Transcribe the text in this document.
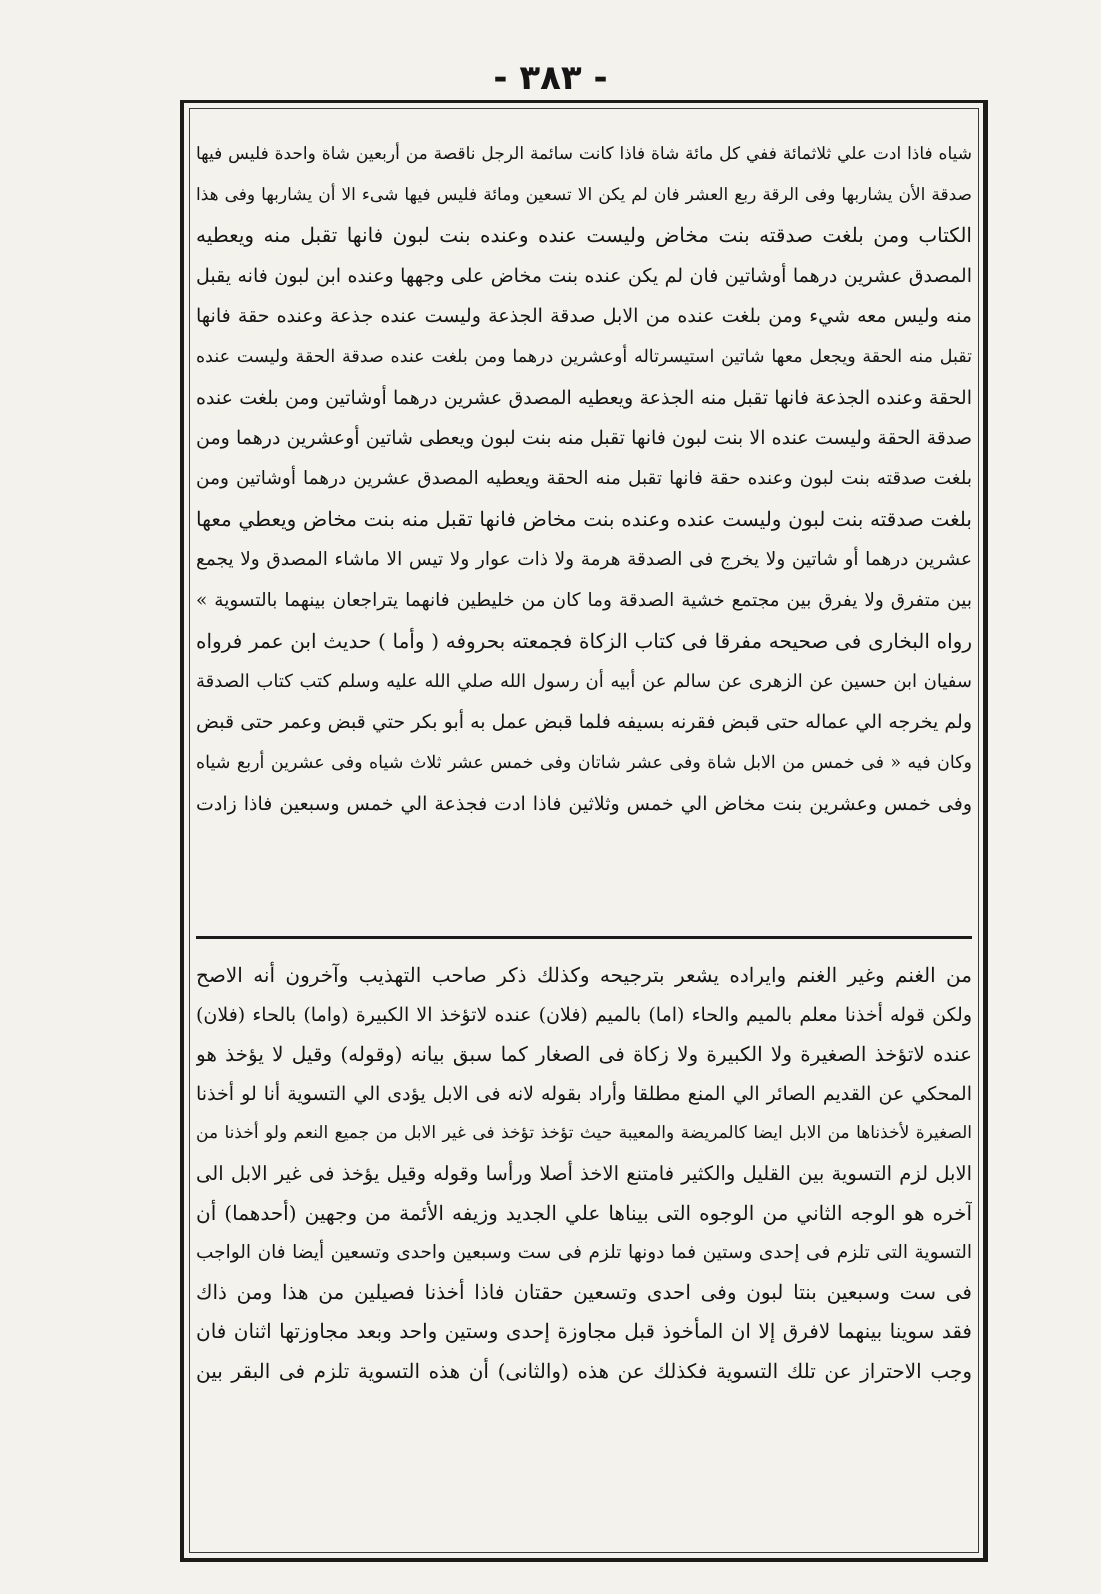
- ٣٨٣ -
شياه فاذا ادت علي ثلاثمائة ففي كل مائة شاة فاذا كانت سائمة الرجل ناقصة من أربعين شاة واحدة فليس فيها
صدقة الأن يشاربها وفى الرقة ربع العشر فان لم يكن الا تسعين ومائة فليس فيها شىء الا أن يشاربها وفى هذا
الكتاب ومن بلغت صدقته بنت مخاض وليست عنده وعنده بنت لبون فانها تقبل منه ويعطيه
المصدق عشرين درهما أوشاتين فان لم يكن عنده بنت مخاض على وجهها وعنده ابن لبون فانه يقبل
منه وليس معه شيء ومن بلغت عنده من الابل صدقة الجذعة وليست عنده جذعة وعنده حقة فانها
تقبل منه الحقة ويجعل معها شاتين استيسرتاله أوعشرين درهما ومن بلغت عنده صدقة الحقة وليست عنده
الحقة وعنده الجذعة فانها تقبل منه الجذعة ويعطيه المصدق عشرين درهما أوشاتين ومن بلغت عنده
صدقة الحقة وليست عنده الا بنت لبون فانها تقبل منه بنت لبون ويعطى شاتين أوعشرين درهما ومن
بلغت صدقته بنت لبون وعنده حقة فانها تقبل منه الحقة ويعطيه المصدق عشرين درهما أوشاتين ومن
بلغت صدقته بنت لبون وليست عنده وعنده بنت مخاض فانها تقبل منه بنت مخاض ويعطي معها
عشرين درهما أو شاتين ولا يخرج فى الصدقة هرمة ولا ذات عوار ولا تيس الا ماشاء المصدق ولا يجمع
بين متفرق ولا يفرق بين مجتمع خشية الصدقة وما كان من خليطين فانهما يتراجعان بينهما بالتسوية »
رواه البخارى فى صحيحه مفرقا فى كتاب الزكاة فجمعته بحروفه ( وأما ) حديث ابن عمر فرواه
سفيان ابن حسين عن الزهرى عن سالم عن أبيه أن رسول الله صلي الله عليه وسلم كتب كتاب الصدقة
ولم يخرجه الي عماله حتى قبض فقرنه بسيفه فلما قبض عمل به أبو بكر حتي قبض وعمر حتى قبض
وكان فيه « فى خمس من الابل شاة وفى عشر شاتان وفى خمس عشر ثلاث شياه وفى عشرين أربع شياه
وفى خمس وعشرين بنت مخاض الي خمس وثلاثين فاذا ادت فجذعة الي خمس وسبعين فاذا زادت
من الغنم وغير الغنم وايراده يشعر بترجيحه وكذلك ذكر صاحب التهذيب وآخرون أنه الاصح
ولكن قوله أخذنا معلم بالميم والحاء (اما) بالميم (فلان) عنده لاتؤخذ الا الكبيرة (واما) بالحاء (فلان)
عنده لاتؤخذ الصغيرة ولا الكبيرة ولا زكاة فى الصغار كما سبق بيانه (وقوله) وقيل لا يؤخذ هو
المحكي عن القديم الصائر الي المنع مطلقا وأراد بقوله لانه فى الابل يؤدى الي التسوية أنا لو أخذنا
الصغيرة لأخذناها من الابل ايضا كالمريضة والمعيبة حيث تؤخذ تؤخذ فى غير الابل من جميع النعم ولو أخذنا من
الابل لزم التسوية بين القليل والكثير فامتنع الاخذ أصلا ورأسا وقوله وقيل يؤخذ فى غير الابل الى
آخره هو الوجه الثاني من الوجوه التى بيناها علي الجديد وزيفه الأئمة من وجهين (أحدهما) أن
التسوية التى تلزم فى إحدى وستين فما دونها تلزم فى ست وسبعين واحدى وتسعين أيضا فان الواجب
فى ست وسبعين بنتا لبون وفى احدى وتسعين حقتان فاذا أخذنا فصيلين من هذا ومن ذاك
فقد سوينا بينهما لافرق إلا ان المأخوذ قبل مجاوزة إحدى وستين واحد وبعد مجاوزتها اثنان فان
وجب الاحتراز عن تلك التسوية فكذلك عن هذه (والثانى) أن هذه التسوية تلزم فى البقر بين
